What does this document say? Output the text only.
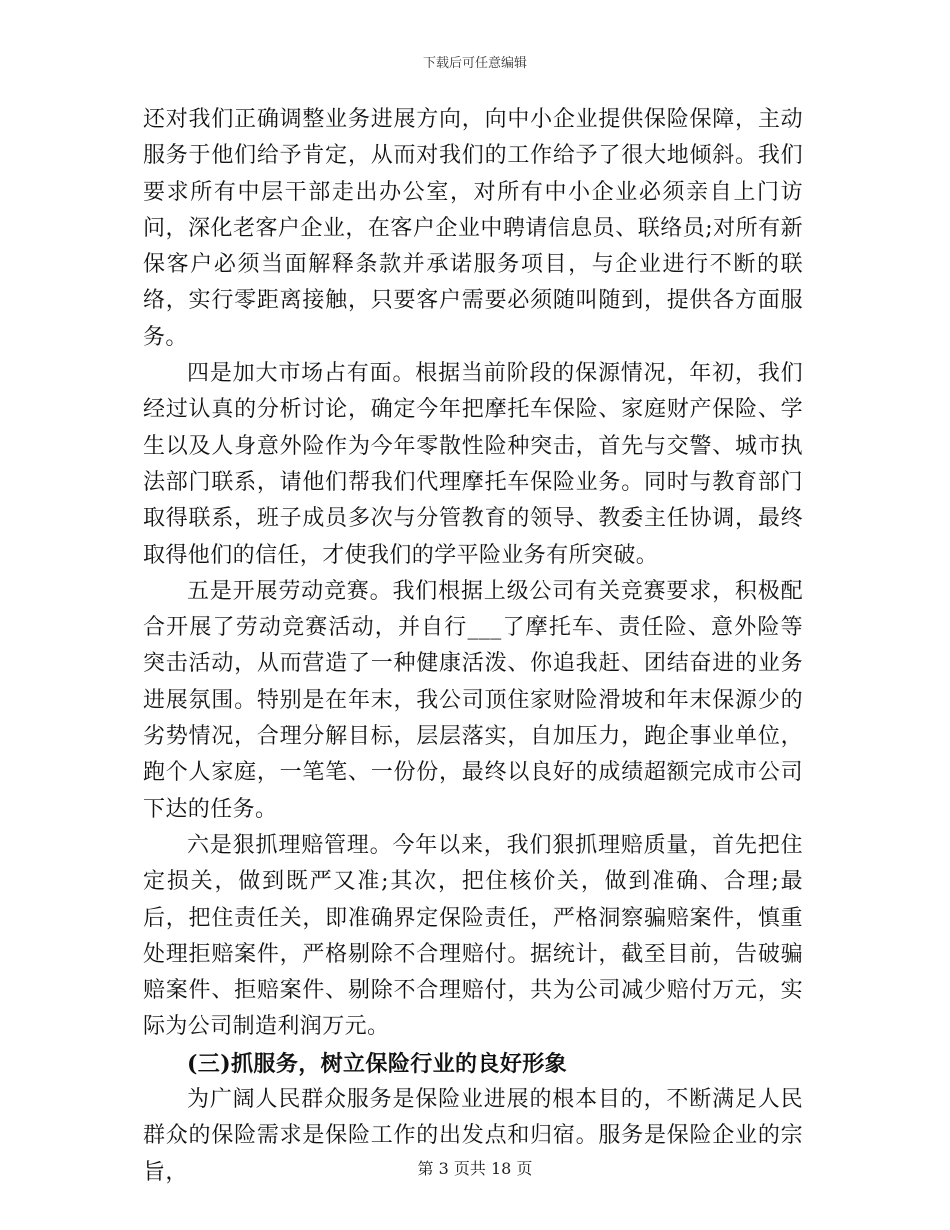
下载后可任意编辑

还对我们正确调整业务进展方向，向中小企业提供保险保障，主动服务于他们给予肯定，从而对我们的工作给予了很大地倾斜。我们要求所有中层干部走出办公室，对所有中小企业必须亲自上门访问，深化老客户企业，在客户企业中聘请信息员、联络员;对所有新保客户必须当面解释条款并承诺服务项目，与企业进行不断的联络，实行零距离接触，只要客户需要必须随叫随到，提供各方面服务。

四是加大市场占有面。根据当前阶段的保源情况，年初，我们经过认真的分析讨论，确定今年把摩托车保险、家庭财产保险、学生以及人身意外险作为今年零散性险种突击，首先与交警、城市执法部门联系，请他们帮我们代理摩托车保险业务。同时与教育部门取得联系，班子成员多次与分管教育的领导、教委主任协调，最终取得他们的信任，才使我们的学平险业务有所突破。

五是开展劳动竞赛。我们根据上级公司有关竞赛要求，积极配合开展了劳动竞赛活动，并自行___了摩托车、责任险、意外险等突击活动，从而营造了一种健康活泼、你追我赶、团结奋进的业务进展氛围。特别是在年末，我公司顶住家财险滑坡和年末保源少的劣势情况，合理分解目标，层层落实，自加压力，跑企事业单位，跑个人家庭，一笔笔、一份份，最终以良好的成绩超额完成市公司下达的任务。

六是狠抓理赔管理。今年以来，我们狠抓理赔质量，首先把住定损关，做到既严又准;其次，把住核价关，做到准确、合理;最后，把住责任关，即准确界定保险责任，严格洞察骗赔案件，慎重处理拒赔案件，严格剔除不合理赔付。据统计，截至目前，告破骗赔案件、拒赔案件、剔除不合理赔付，共为公司减少赔付万元，实际为公司制造利润万元。

(三)抓服务，树立保险行业的良好形象

为广阔人民群众服务是保险业进展的根本目的，不断满足人民群众的保险需求是保险工作的出发点和归宿。服务是保险企业的宗旨，	第 3 页共 18 页
